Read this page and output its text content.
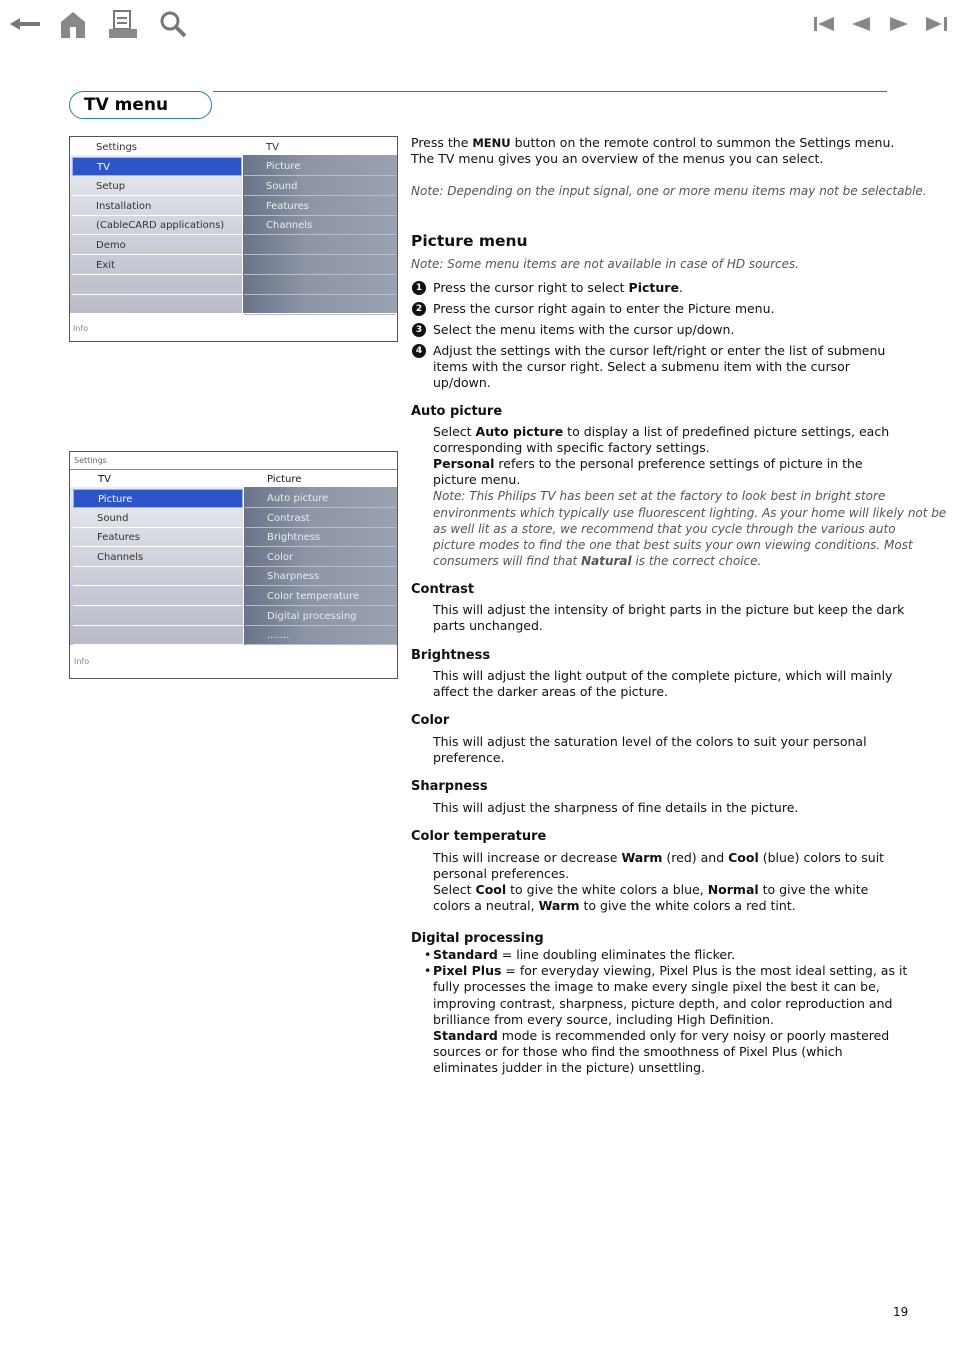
TV menu
Settings	TV
TV
Setup
Installation
(CableCARD applications)
Demo
Exit
Picture
Sound
Features
Channels
Info
Settings
TV	Picture
Picture
Sound
Features
Channels
Auto picture
Contrast
Brightness
Color
Sharpness
Color temperature
Digital processing
.......
Info
Press the MENU button on the remote control to summon the Settings menu.
The TV menu gives you an overview of the menus you can select.
Note: Depending on the input signal, one or more menu items may not be selectable.
Picture menu
Note: Some menu items are not available in case of HD sources.
1 Press the cursor right to select Picture.
2 Press the cursor right again to enter the Picture menu.
3 Select the menu items with the cursor up/down.
4 Adjust the settings with the cursor left/right or enter the list of submenu
items with the cursor right. Select a submenu item with the cursor
up/down.
Auto picture
Select Auto picture to display a list of predefined picture settings, each
corresponding with specific factory settings.
Personal refers to the personal preference settings of picture in the
picture menu.
Note: This Philips TV has been set at the factory to look best in bright store
environments which typically use fluorescent lighting. As your home will likely not be
as well lit as a store, we recommend that you cycle through the various auto
picture modes to find the one that best suits your own viewing conditions. Most
consumers will find that Natural is the correct choice.
Contrast
This will adjust the intensity of bright parts in the picture but keep the dark
parts unchanged.
Brightness
This will adjust the light output of the complete picture, which will mainly
affect the darker areas of the picture.
Color
This will adjust the saturation level of the colors to suit your personal
preference.
Sharpness
This will adjust the sharpness of fine details in the picture.
Color temperature
This will increase or decrease Warm (red) and Cool (blue) colors to suit
personal preferences.
Select Cool to give the white colors a blue, Normal to give the white
colors a neutral, Warm to give the white colors a red tint.
Digital processing
• Standard = line doubling eliminates the flicker.
• Pixel Plus = for everyday viewing, Pixel Plus is the most ideal setting, as it
fully processes the image to make every single pixel the best it can be,
improving contrast, sharpness, picture depth, and color reproduction and
brilliance from every source, including High Definition.
Standard mode is recommended only for very noisy or poorly mastered
sources or for those who find the smoothness of Pixel Plus (which
eliminates judder in the picture) unsettling.
19
